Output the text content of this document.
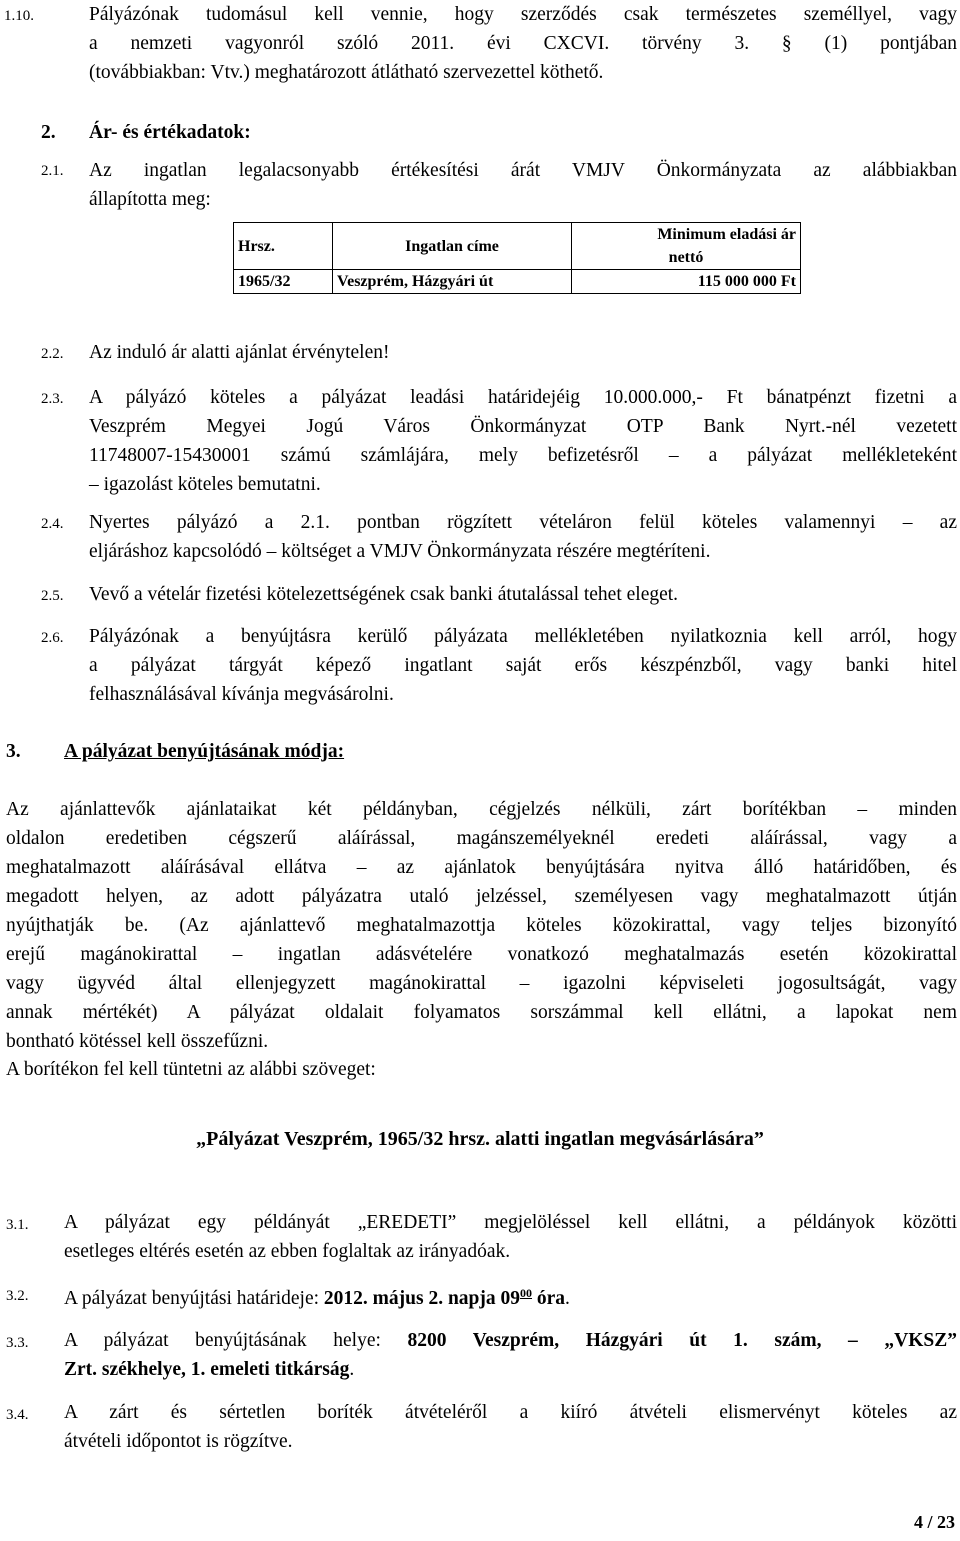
1.10.	Pályázónak tudomásul kell vennie, hogy szerződés csak természetes személlyel, vagy

a nemzeti vagyonról szóló 2011. évi CXCVI. törvény 3. § (1) pontjában

(továbbiakban: Vtv.) meghatározott átlátható szervezettel köthető.

2. Ár- és értékadatok:
2.1. Az ingatlan legalacsonyabb értékesítési árát VMJV Önkormányzata az alábbiakban

állapította meg:

Hrsz.	Ingatlan címe	Minimum eladási ár
		nettó
1965/32	Veszprém, Házgyári út	115 000 000 Ft
2.2. Az induló ár alatti ajánlat érvénytelen!

2.3. A pályázó köteles a pályázat leadási határidejéig 10.000.000,- Ft bánatpénzt fizetni a

Veszprém Megyei Jogú Város Önkormányzat OTP Bank Nyrt.-nél vezetett

11748007-15430001 számú számlájára, mely befizetésről – a pályázat mellékleteként

– igazolást köteles bemutatni.

2.4. Nyertes pályázó a 2.1. pontban rögzített vételáron felül köteles valamennyi – az

eljáráshoz kapcsolódó – költséget a VMJV Önkormányzata részére megtéríteni.

2.5. Vevő a vételár fizetési kötelezettségének csak banki átutalással tehet eleget.

2.6. Pályázónak a benyújtásra kerülő pályázata mellékletében nyilatkoznia kell arról, hogy

a pályázat tárgyát képező ingatlant saját erős készpénzből, vagy banki hitel

felhasználásával kívánja megvásárolni.

3. A pályázat benyújtásának módja:

Az ajánlattevők ajánlataikat két példányban, cégjelzés nélküli, zárt borítékban – minden

oldalon eredetiben cégszerű aláírással, magánszemélyeknél eredeti aláírással, vagy a

meghatalmazott aláírásával ellátva – az ajánlatok benyújtására nyitva álló határidőben, és

megadott helyen, az adott pályázatra utaló jelzéssel, személyesen vagy meghatalmazott útján

nyújthatják be. (Az ajánlattevő meghatalmazottja köteles közokirattal, vagy teljes bizonyító

erejű magánokirattal – ingatlan adásvételére vonatkozó meghatalmazás esetén közokirattal

vagy ügyvéd által ellenjegyzett magánokirattal – igazolni képviseleti jogosultságát, vagy

annak mértékét) A pályázat oldalait folyamatos sorszámmal kell ellátni, a lapokat nem

bontható kötéssel kell összefűzni.

A borítékon fel kell tüntetni az alábbi szöveget:

„Pályázat Veszprém, 1965/32 hrsz. alatti ingatlan megvásárlására”

3.1. A pályázat egy példányát „EREDETI” megjelöléssel kell ellátni, a példányok közötti

esetleges eltérés esetén az ebben foglaltak az irányadóak.

3.2. A pályázat benyújtási határideje: 2012. május 2. napja $09^{00}$ óra.

3.3. A pályázat benyújtásának helye: 8200 Veszprém, Házgyári út 1. szám, – „VKSZ”

Zrt. székhelye, 1. emeleti titkárság.

3.4. A zárt és sértetlen boríték átvételéről a kiíró átvételi elismervényt köteles az

átvételi időpontot is rögzítve.

4 / 23
